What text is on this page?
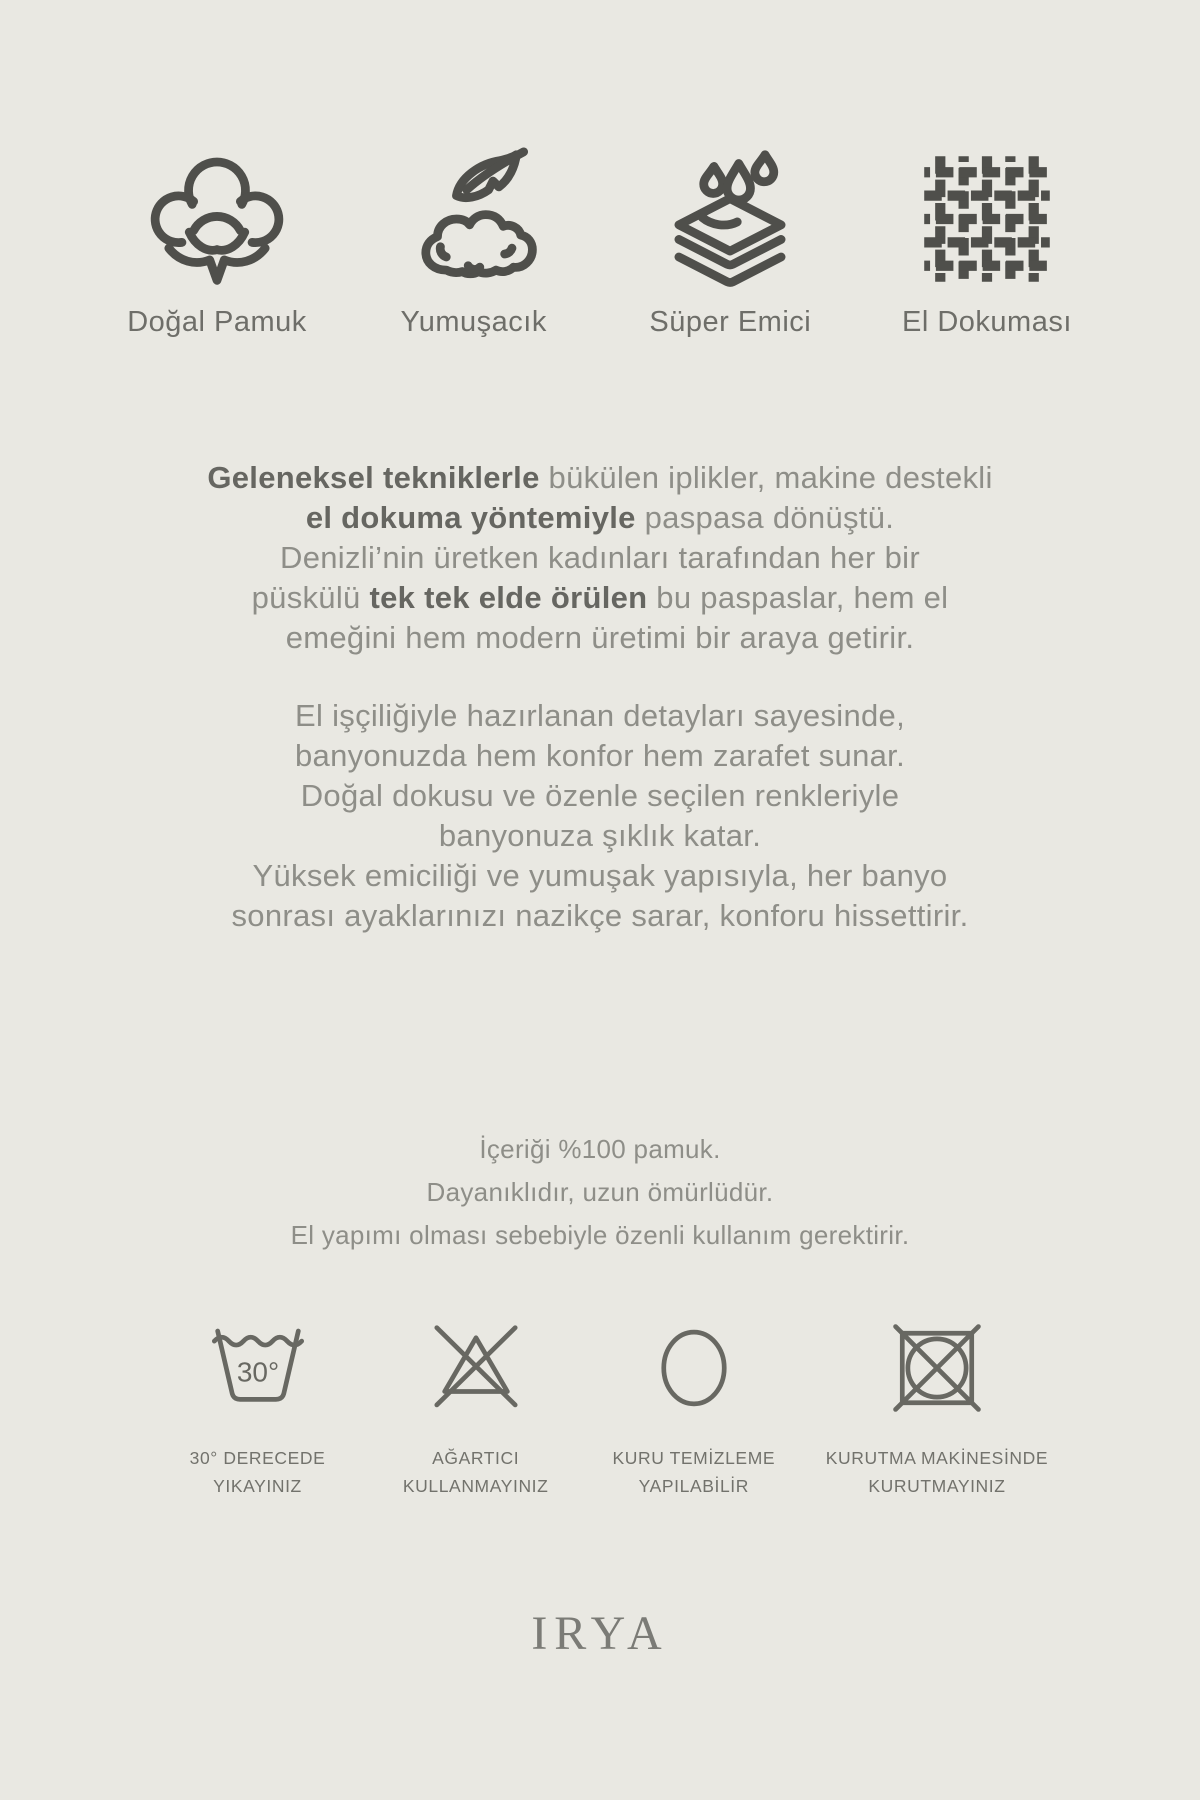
Doğal Pamuk	Yumuşacık	Süper Emici	El Dokuması
Geleneksel tekniklerle bükülen iplikler, makine destekli
el dokuma yöntemiyle paspasa dönüştü.
Denizli’nin üretken kadınları tarafından her bir
püskülü tek tek elde örülen bu paspaslar, hem el
emeğini hem modern üretimi bir araya getirir.
El işçiliğiyle hazırlanan detayları sayesinde,
banyonuzda hem konfor hem zarafet sunar.
Doğal dokusu ve özenle seçilen renkleriyle
banyonuza şıklık katar.
Yüksek emiciliği ve yumuşak yapısıyla, her banyo
sonrası ayaklarınızı nazikçe sarar, konforu hissettirir.
İçeriği %100 pamuk.
Dayanıklıdır, uzun ömürlüdür.
El yapımı olması sebebiyle özenli kullanım gerektirir.
30°
30° DERECEDE
YIKAYINIZ
AĞARTICI
KULLANMAYINIZ
KURU TEMİZLEME
YAPILABİLİR
KURUTMA MAKİNESİNDE
KURUTMAYINIZ
IRYA
